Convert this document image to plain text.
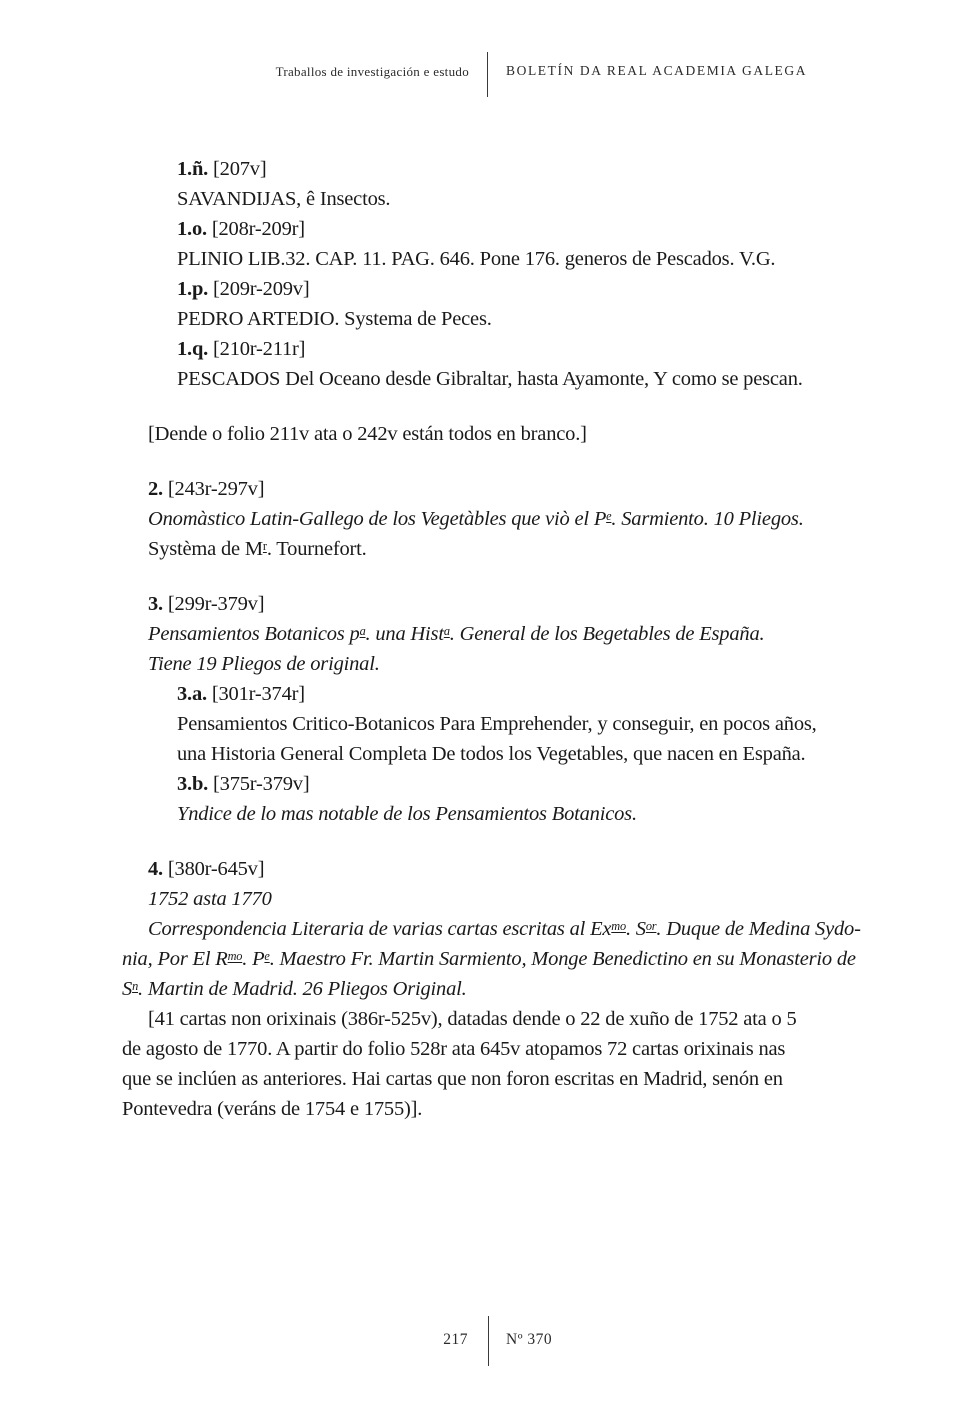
Traballos de investigación e estudo	BOLETÍN DA REAL ACADEMIA GALEGA
1.ñ. [207v]
SAVANDIJAS, ê Insectos.
1.o. [208r-209r]
PLINIO LIB.32. CAP. 11. PAG. 646. Pone 176. generos de Pescados. V.G.
1.p. [209r-209v]
PEDRO ARTEDIO. Systema de Peces.
1.q. [210r-211r]
PESCADOS Del Oceano desde Gibraltar, hasta Ayamonte, Y como se pescan.
[Dende o folio 211v ata o 242v están todos en branco.]
2. [243r-297v]
Onomàstico Latin-Gallego de los Vegetàbles que viò el $P^e$. Sarmiento. 10 Pliegos.
Systèma de $M^r$. Tournefort.
3. [299r-379v]
Pensamientos Botanicos $p^a$. una Hist$^a$. General de los Begetables de España.
Tiene 19 Pliegos de original.
3.a. [301r-374r]
Pensamientos Critico-Botanicos Para Emprehender, y conseguir, en pocos años,
una Historia General Completa De todos los Vegetables, que nacen en España.
3.b. [375r-379v]
Yndice de lo mas notable de los Pensamientos Botanicos.
4. [380r-645v]
1752 asta 1770
Correspondencia Literaria de varias cartas escritas al $Ex^{mo}$. $S^{or}$. Duque de Medina Sydo-
nia, Por El $R^{mo}$. $P^e$. Maestro Fr. Martin Sarmiento, Monge Benedictino en su Monasterio de
$S^n$. Martin de Madrid. 26 Pliegos Original.
[41 cartas non orixinais (386r-525v), datadas dende o 22 de xuño de 1752 ata o 5
de agosto de 1770. A partir do folio 528r ata 645v atopamos 72 cartas orixinais nas
que se inclúen as anteriores. Hai cartas que non foron escritas en Madrid, senón en
Pontevedra (veráns de 1754 e 1755)].
217 Nº 370
